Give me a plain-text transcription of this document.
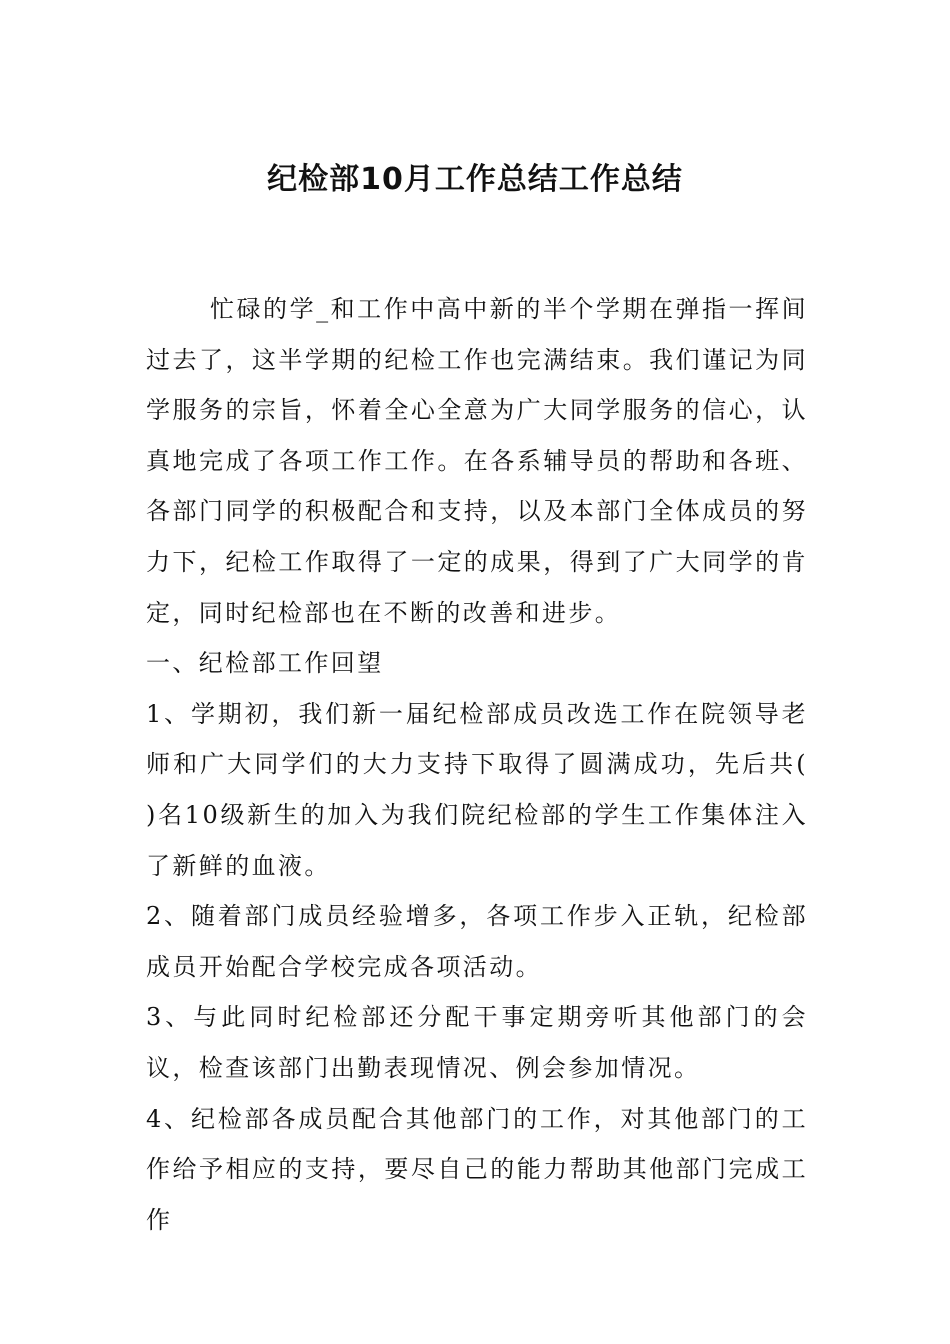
纪检部10月工作总结工作总结

忙碌的学_和工作中高中新的半个学期在弹指一挥间过去了，这半学期的纪检工作也完满结束。我们谨记为同学服务的宗旨，怀着全心全意为广大同学服务的信心，认真地完成了各项工作工作。在各系辅导员的帮助和各班、各部门同学的积极配合和支持，以及本部门全体成员的努力下，纪检工作取得了一定的成果，得到了广大同学的肯定，同时纪检部也在不断的改善和进步。

一、纪检部工作回望

1、学期初，我们新一届纪检部成员改选工作在院领导老师和广大同学们的大力支持下取得了圆满成功，先后共( )名10级新生的加入为我们院纪检部的学生工作集体注入了新鲜的血液。

2、随着部门成员经验增多，各项工作步入正轨，纪检部成员开始配合学校完成各项活动。

3、与此同时纪检部还分配干事定期旁听其他部门的会议，检查该部门出勤表现情况、例会参加情况。

4、纪检部各成员配合其他部门的工作，对其他部门的工作给予相应的支持，要尽自己的能力帮助其他部门完成工作
